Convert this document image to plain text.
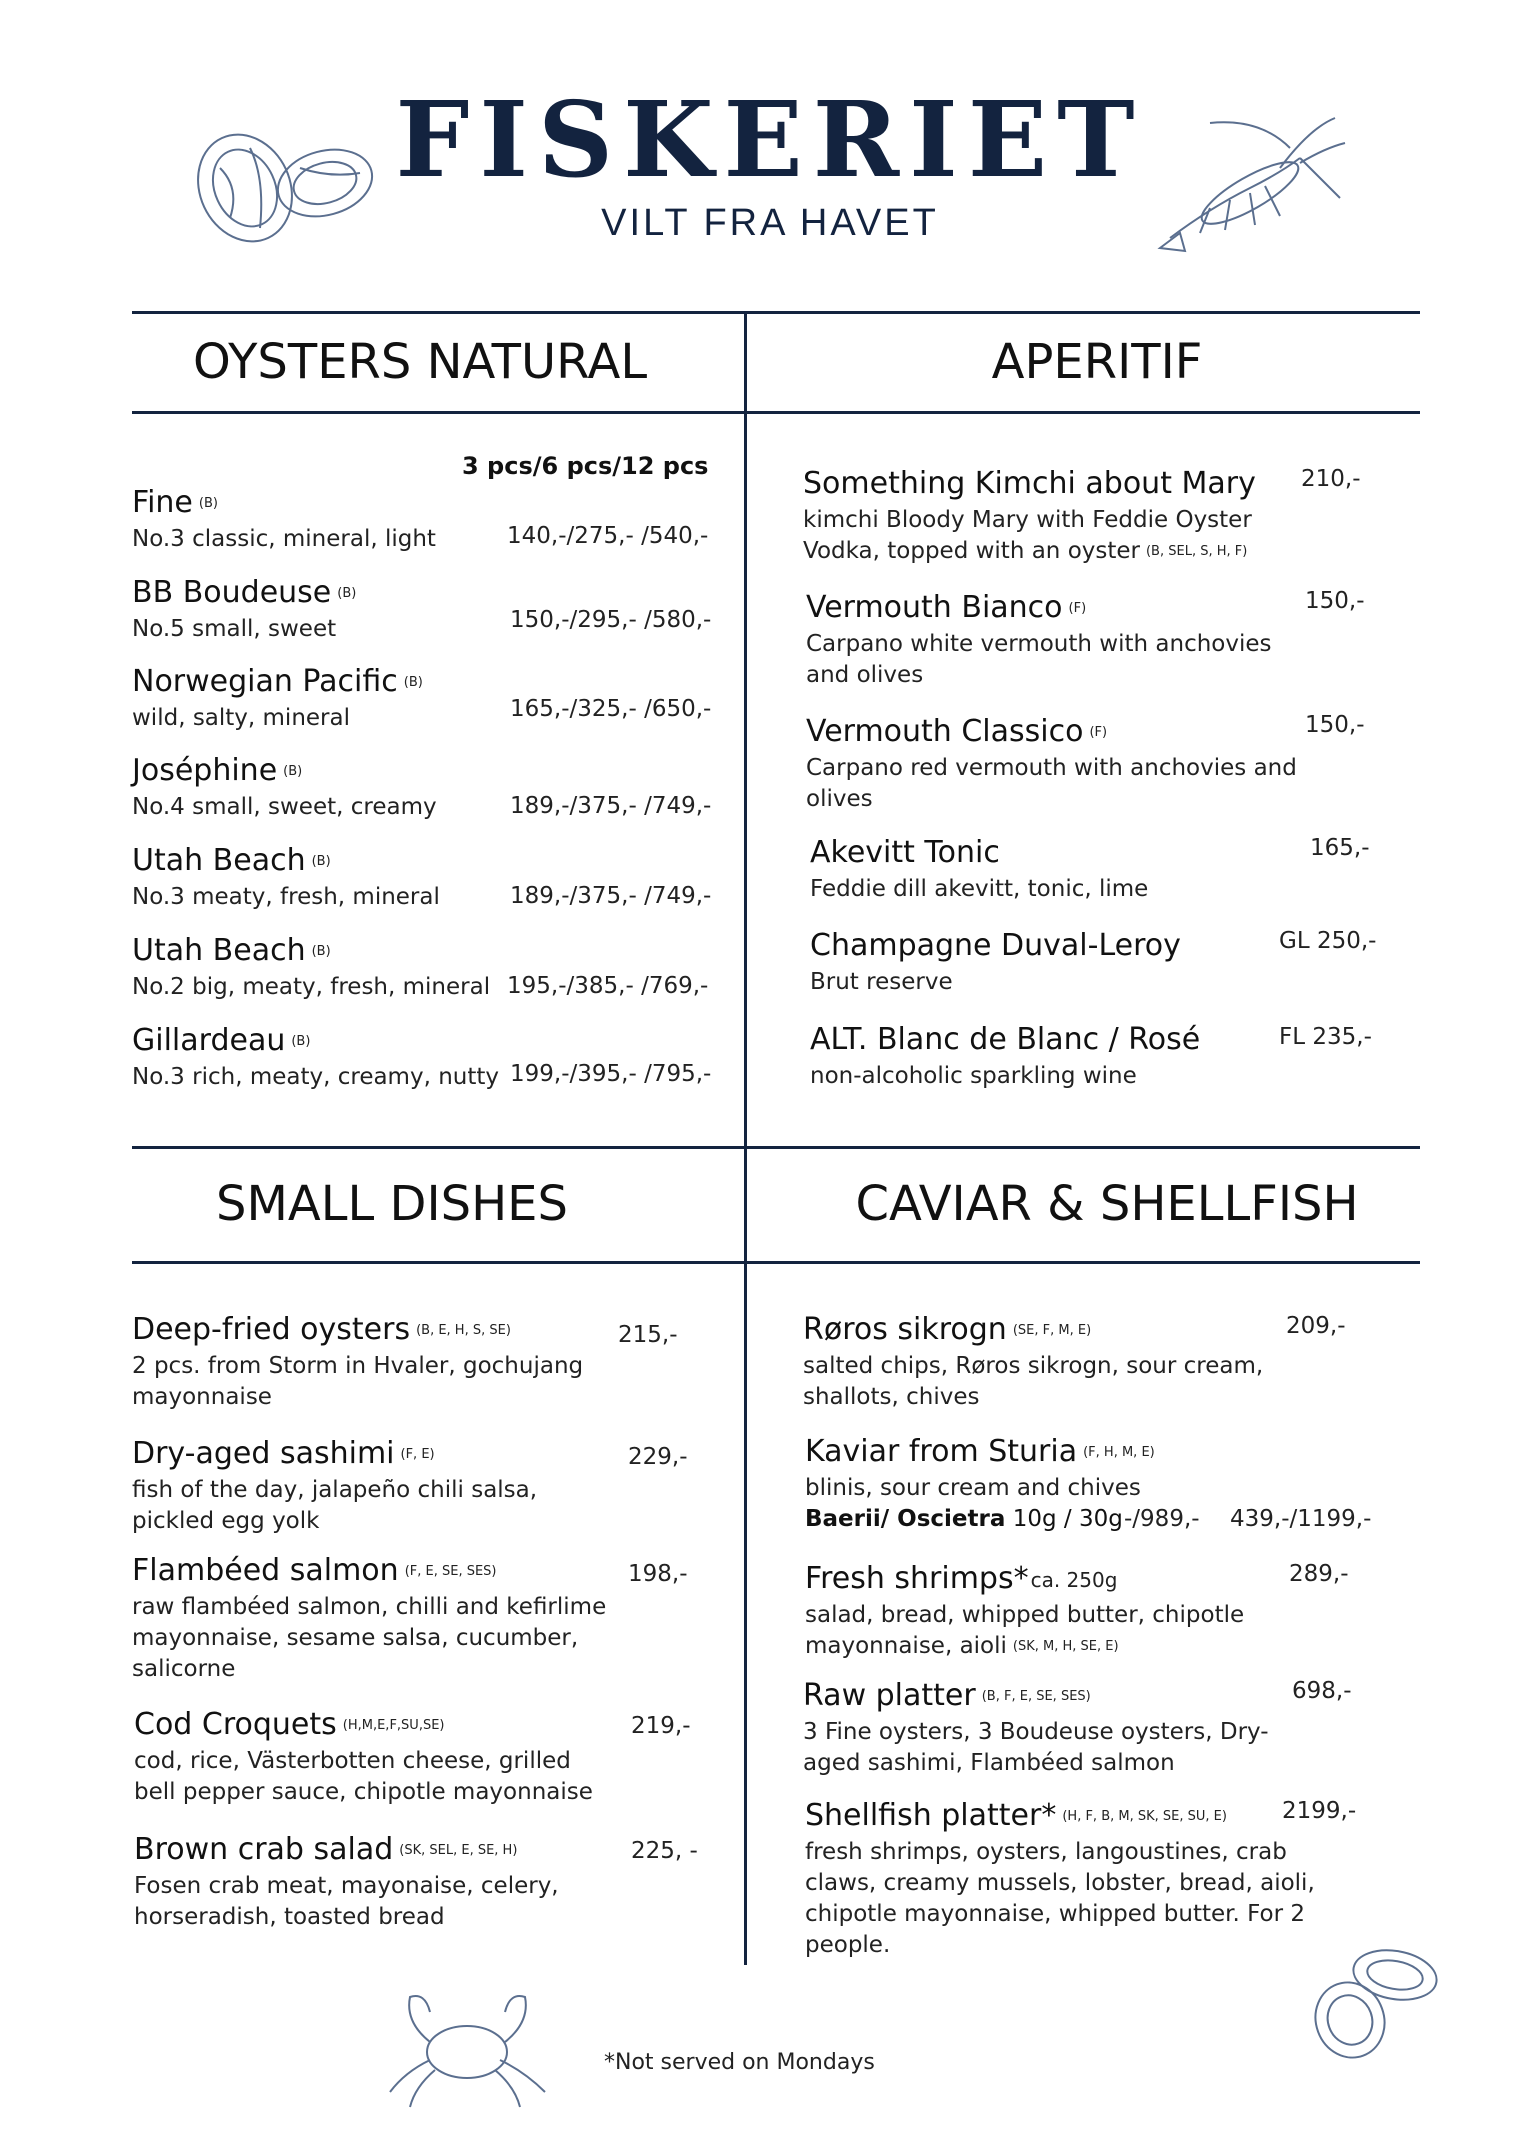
FISKERIET
VILT FRA HAVET
OYSTERS NATURAL	APERITIF
SMALL DISHES	CAVIAR & SHELLFISH
3 pcs/6 pcs/12 pcs
Fine (B)
No.3 classic, mineral, light	140,-/275,- /540,-
BB Boudeuse (B)
No.5 small, sweet	150,-/295,- /580,-
Norwegian Pacific (B)
wild, salty, mineral	165,-/325,- /650,-
Joséphine (B)
No.4 small, sweet, creamy	189,-/375,- /749,-
Utah Beach (B)
No.3 meaty, fresh, mineral	189,-/375,- /749,-
Utah Beach (B)
No.2 big, meaty, fresh, mineral 195,-/385,- /769,-
Gillardeau (B)
No.3 rich, meaty, creamy, nutty 199,-/395,- /795,-
Something Kimchi about Mary
kimchi Bloody Mary with Feddie Oyster
Vodka, topped with an oyster (B, SEL, S, H, F)
210,-
Vermouth Bianco (F)
Carpano white vermouth with anchovies
and olives
150,-
Vermouth Classico (F)
Carpano red vermouth with anchovies and
olives
150,-
Akevitt Tonic
Feddie dill akevitt, tonic, lime
165,-
Champagne Duval-Leroy
Brut reserve
GL 250,-
ALT. Blanc de Blanc / Rosé
non-alcoholic sparkling wine
FL 235,-
Deep-fried oysters (B, E, H, S, SE)
2 pcs. from Storm in Hvaler, gochujang
mayonnaise
215,-
Dry-aged sashimi (F, E)
fish of the day, jalapeño chili salsa,
pickled egg yolk
229,-
Flambéed salmon (F, E, SE, SES)
raw flambéed salmon, chilli and kefirlime
mayonnaise, sesame salsa, cucumber,
salicorne
198,-
Cod Croquets (H,M,E,F,SU,SE)
cod, rice, Västerbotten cheese, grilled
bell pepper sauce, chipotle mayonnaise
219,-
Brown crab salad (SK, SEL, E, SE, H)
Fosen crab meat, mayonaise, celery,
horseradish, toasted bread
225, -
Røros sikrogn (SE, F, M, E)
salted chips, Røros sikrogn, sour cream,
shallots, chives
209,-
Kaviar from Sturia (F, H, M, E)
blinis, sour cream and chives
Baerii/ Oscietra 10g / 30g -/989,- 439,-/1199,-
Fresh shrimps* ca. 250g
salad, bread, whipped butter, chipotle
mayonnaise, aioli (SK, M, H, SE, E)
289,-
Raw platter (B, F, E, SE, SES)
3 Fine oysters, 3 Boudeuse oysters, Dry-
aged sashimi, Flambéed salmon
698,-
Shellfish platter* (H, F, B, M, SK, SE, SU, E)
fresh shrimps, oysters, langoustines, crab
claws, creamy mussels, lobster, bread, aioli,
chipotle mayonnaise, whipped butter. For 2
people.
2199,-
*Not served on Mondays
